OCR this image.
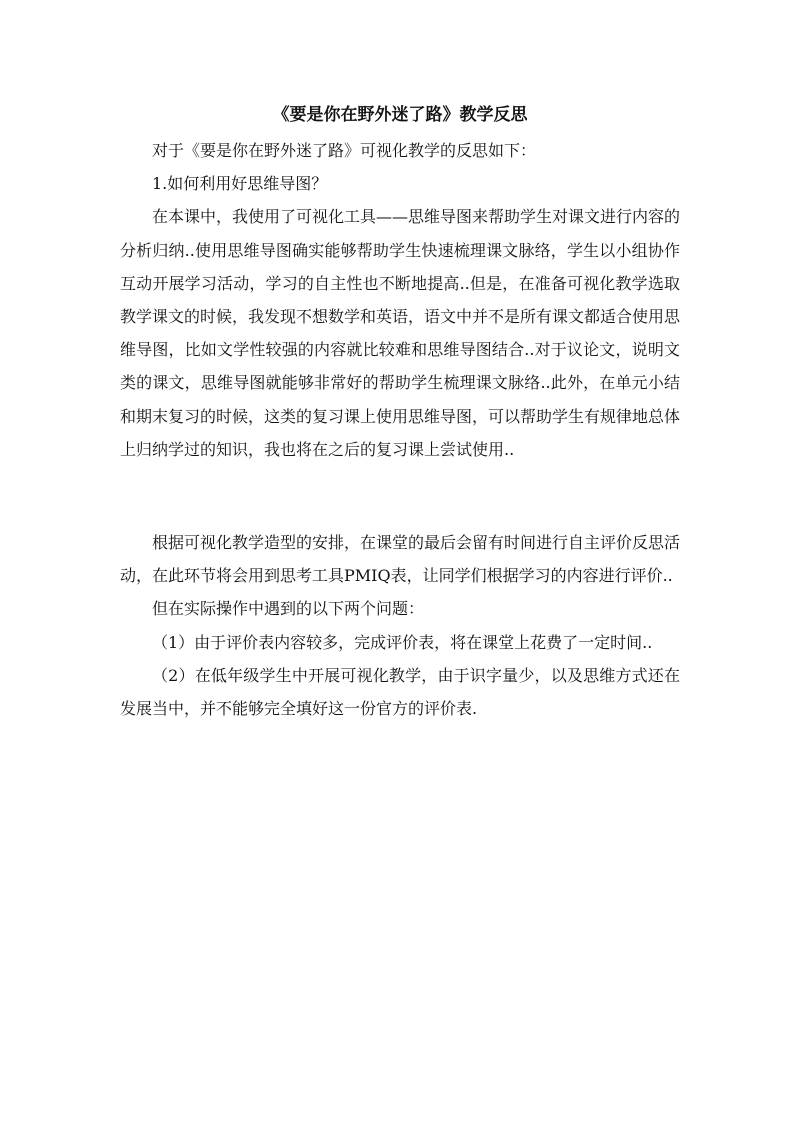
《要是你在野外迷了路》教学反思

对于《要是你在野外迷了路》可视化教学的反思如下：

1.如何利用好思维导图？

在本课中，我使用了可视化工具——思维导图来帮助学生对课文进行内容的分析归纳..使用思维导图确实能够帮助学生快速梳理课文脉络，学生以小组协作互动开展学习活动，学习的自主性也不断地提高..但是，在准备可视化教学选取教学课文的时候，我发现不想数学和英语，语文中并不是所有课文都适合使用思维导图，比如文学性较强的内容就比较难和思维导图结合..对于议论文，说明文类的课文，思维导图就能够非常好的帮助学生梳理课文脉络..此外，在单元小结和期末复习的时候，这类的复习课上使用思维导图，可以帮助学生有规律地总体上归纳学过的知识，我也将在之后的复习课上尝试使用..

根据可视化教学造型的安排，在课堂的最后会留有时间进行自主评价反思活动，在此环节将会用到思考工具PMIQ表，让同学们根据学习的内容进行评价..

但在实际操作中遇到的以下两个问题：

（1）由于评价表内容较多，完成评价表，将在课堂上花费了一定时间..

（2）在低年级学生中开展可视化教学，由于识字量少，以及思维方式还在发展当中，并不能够完全填好这一份官方的评价表.
